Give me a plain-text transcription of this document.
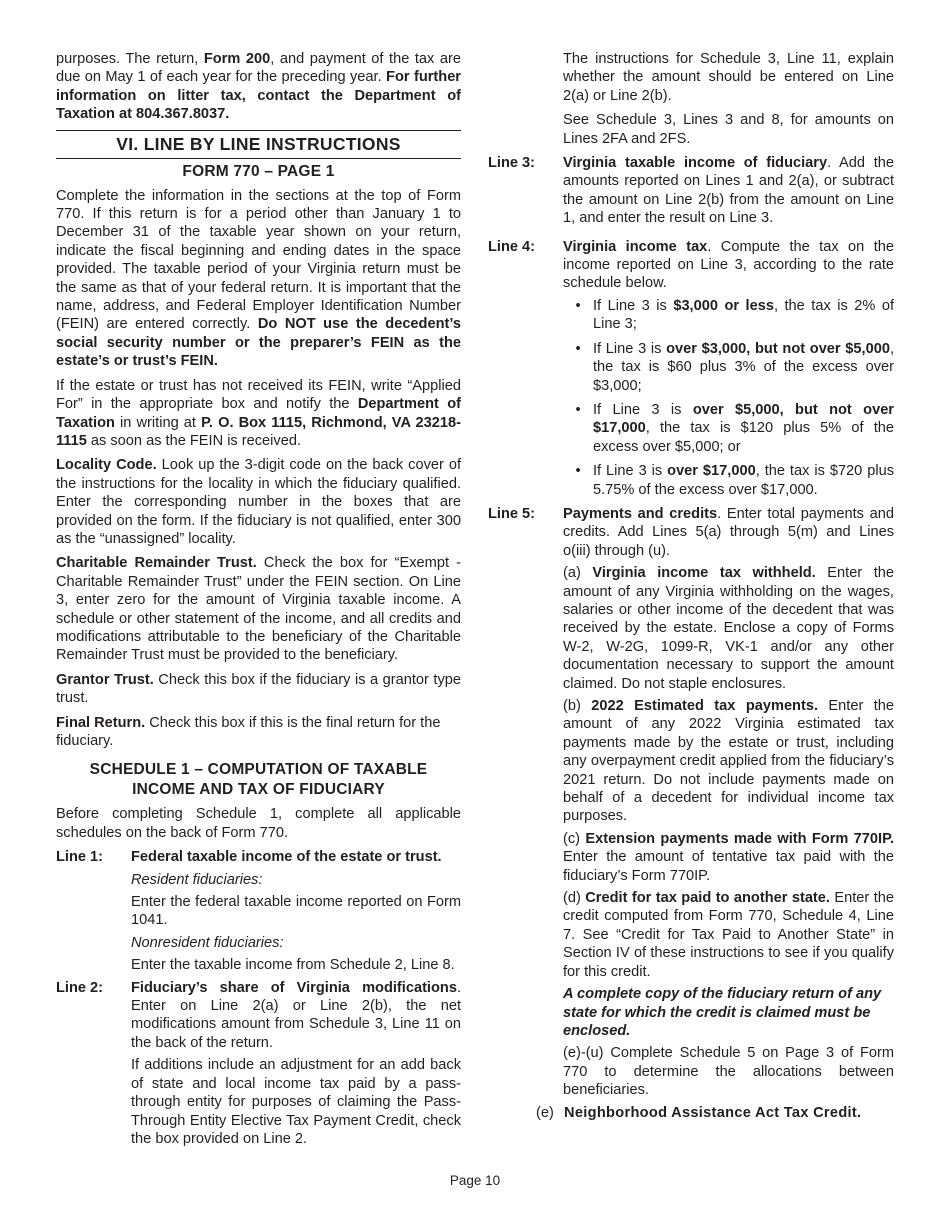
purposes. The return, Form 200, and payment of the tax are due on May 1 of each year for the preceding year. For further information on litter tax, contact the Department of Taxation at 804.367.8037.

VI. LINE BY LINE INSTRUCTIONS
FORM 770 – PAGE 1

Complete the information in the sections at the top of Form 770. If this return is for a period other than January 1 to December 31 of the taxable year shown on your return, indicate the fiscal beginning and ending dates in the space provided. The taxable period of your Virginia return must be the same as that of your federal return. It is important that the name, address, and Federal Employer Identification Number (FEIN) are entered correctly. Do NOT use the decedent’s social security number or the preparer’s FEIN as the estate’s or trust’s FEIN.

If the estate or trust has not received its FEIN, write “Applied For” in the appropriate box and notify the Department of Taxation in writing at P. O. Box 1115, Richmond, VA 23218-1115 as soon as the FEIN is received.

Locality Code. Look up the 3-digit code on the back cover of the instructions for the locality in which the fiduciary qualified. Enter the corresponding number in the boxes that are provided on the form. If the fiduciary is not qualified, enter 300 as the “unassigned” locality.

Charitable Remainder Trust. Check the box for “Exempt - Charitable Remainder Trust” under the FEIN section. On Line 3, enter zero for the amount of Virginia taxable income. A schedule or other statement of the income, and all credits and modifications attributable to the beneficiary of the Charitable Remainder Trust must be provided to the beneficiary.

Grantor Trust. Check this box if the fiduciary is a grantor type trust.

Final Return. Check this box if this is the final return for the fiduciary.

SCHEDULE 1 – COMPUTATION OF TAXABLE INCOME AND TAX OF FIDUCIARY

Before completing Schedule 1, complete all applicable schedules on the back of Form 770.

Line 1:	Federal taxable income of the estate or trust.

Resident fiduciaries:

Enter the federal taxable income reported on Form 1041.

Nonresident fiduciaries:

Enter the taxable income from Schedule 2, Line 8.

Line 2:	Fiduciary’s share of Virginia modifications. Enter on Line 2(a) or Line 2(b), the net modifications amount from Schedule 3, Line 11 on the back of the return.

If additions include an adjustment for an add back of state and local income tax paid by a pass-through entity for purposes of claiming the Pass-Through Entity Elective Tax Payment Credit, check the box provided on Line 2.

The instructions for Schedule 3, Line 11, explain whether the amount should be entered on Line 2(a) or Line 2(b).

See Schedule 3, Lines 3 and 8, for amounts on Lines 2FA and 2FS.

Line 3:	Virginia taxable income of fiduciary. Add the amounts reported on Lines 1 and 2(a), or subtract the amount on Line 2(b) from the amount on Line 1, and enter the result on Line 3.

Line 4:	Virginia income tax. Compute the tax on the income reported on Line 3, according to the rate schedule below.

• If Line 3 is $3,000 or less, the tax is 2% of Line 3;

• If Line 3 is over $3,000, but not over $5,000, the tax is $60 plus 3% of the excess over $3,000;

• If Line 3 is over $5,000, but not over $17,000, the tax is $120 plus 5% of the excess over $5,000; or

• If Line 3 is over $17,000, the tax is $720 plus 5.75% of the excess over $17,000.

Line 5:	Payments and credits. Enter total payments and credits. Add Lines 5(a) through 5(m) and Lines o(iii) through (u).

(a) Virginia income tax withheld. Enter the amount of any Virginia withholding on the wages, salaries or other income of the decedent that was received by the estate. Enclose a copy of Forms W-2, W-2G, 1099-R, VK-1 and/or any other documentation necessary to support the amount claimed. Do not staple enclosures.

(b) 2022 Estimated tax payments. Enter the amount of any 2022 Virginia estimated tax payments made by the estate or trust, including any overpayment credit applied from the fiduciary’s 2021 return. Do not include payments made on behalf of a decedent for individual income tax purposes.

(c) Extension payments made with Form 770IP. Enter the amount of tentative tax paid with the fiduciary’s Form 770IP.

(d) Credit for tax paid to another state. Enter the credit computed from Form 770, Schedule 4, Line 7. See “Credit for Tax Paid to Another State” in Section IV of these instructions to see if you qualify for this credit.

A complete copy of the fiduciary return of any state for which the credit is claimed must be enclosed.

(e)-(u) Complete Schedule 5 on Page 3 of Form 770 to determine the allocations between beneficiaries.

(e) Neighborhood Assistance Act Tax Credit.
Page 10
